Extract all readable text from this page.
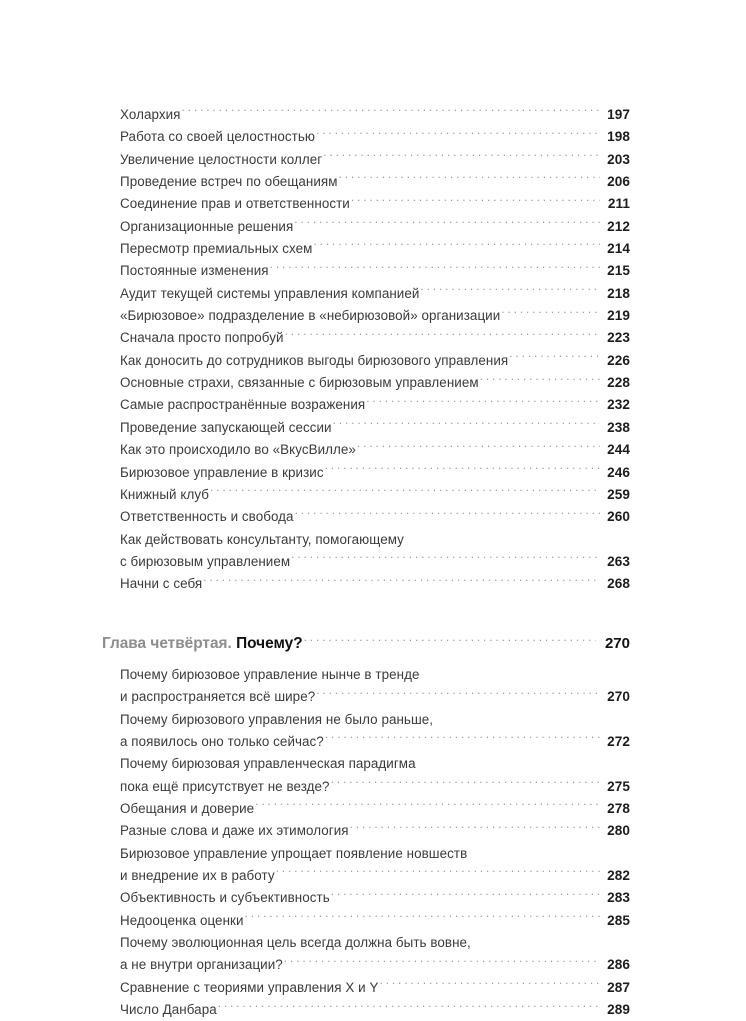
Холархия . . .	197
Работа со своей целостностью . . .	198
Увеличение целостности коллег . . .	203
Проведение встреч по обещаниям . . .	206
Соединение прав и ответственности . . .	211
Организационные решения . . .	212
Пересмотр премиальных схем . . .	214
Постоянные изменения . . .	215
Аудит текущей системы управления компанией . . .	218
«Бирюзовое» подразделение в «небирюзовой» организации . . .	219
Сначала просто попробуй . . .	223
Как доносить до сотрудников выгоды бирюзового управления . . .	226
Основные страхи, связанные с бирюзовым управлением . . .	228
Самые распространённые возражения . . .	232
Проведение запускающей сессии . . .	238
Как это происходило во «ВкусВилле» . . .	244
Бирюзовое управление в кризис . . .	246
Книжный клуб . . .	259
Ответственность и свобода . . .	260
Как действовать консультанту, помогающему
с бирюзовым управлением . . .	263
Начни с себя . . .	268
Глава четвёртая. Почему? . . .	270
Почему бирюзовое управление нынче в тренде
и распространяется всё шире? . . .	270
Почему бирюзового управления не было раньше,
а появилось оно только сейчас? . . .	272
Почему бирюзовая управленческая парадигма
пока ещё присутствует не везде? . . .	275
Обещания и доверие . . .	278
Разные слова и даже их этимология . . .	280
Бирюзовое управление упрощает появление новшеств
и внедрение их в работу . . .	282
Объективность и субъективность . . .	283
Недооценка оценки . . .	285
Почему эволюционная цель всегда должна быть вовне,
а не внутри организации? . . .	286
Сравнение с теориями управления X и Y . . .	287
Число Данбара . . .	289
